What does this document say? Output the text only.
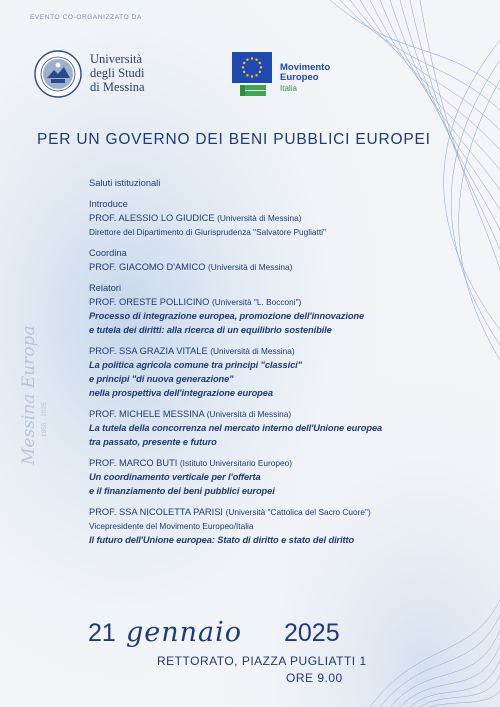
EVENTO CO-ORGANIZZATO DA
Università
degli Studi
di Messina
Movimento
Europeo
Italia
PER UN GOVERNO DEI BENI PUBBLICI EUROPEI
Messina Europa 1955 · 2025
Saluti istituzionali
Introduce
PROF. ALESSIO LO GIUDICE (Università di Messina)
Direttore del Dipartimento di Giurisprudenza "Salvatore Pugliatti"
Coordina
PROF. GIACOMO D'AMICO (Università di Messina)
Relatori
PROF. ORESTE POLLICINO (Università "L. Bocconi")
Processo di integrazione europea, promozione dell'innovazione
e tutela dei diritti: alla ricerca di un equilibrio sostenibile
PROF. SSA GRAZIA VITALE (Università di Messina)
La politica agricola comune tra principi "classici"
e principi "di nuova generazione"
nella prospettiva dell'integrazione europea
PROF. MICHELE MESSINA (Università di Messina)
La tutela della concorrenza nel mercato interno dell'Unione europea
tra passato, presente e futuro
PROF. MARCO BUTI (Istituto Universitario Europeo)
Un coordinamento verticale per l'offerta
e il finanziamento dei beni pubblici europei
PROF. SSA NICOLETTA PARISI (Università "Cattolica del Sacro Cuore")
Vicepresidente del Movimento Europeo/Italia
Il futuro dell'Unione europea: Stato di diritto e stato del diritto
21 gennaio 2025
RETTORATO, PIAZZA PUGLIATTI 1
ORE 9.00
